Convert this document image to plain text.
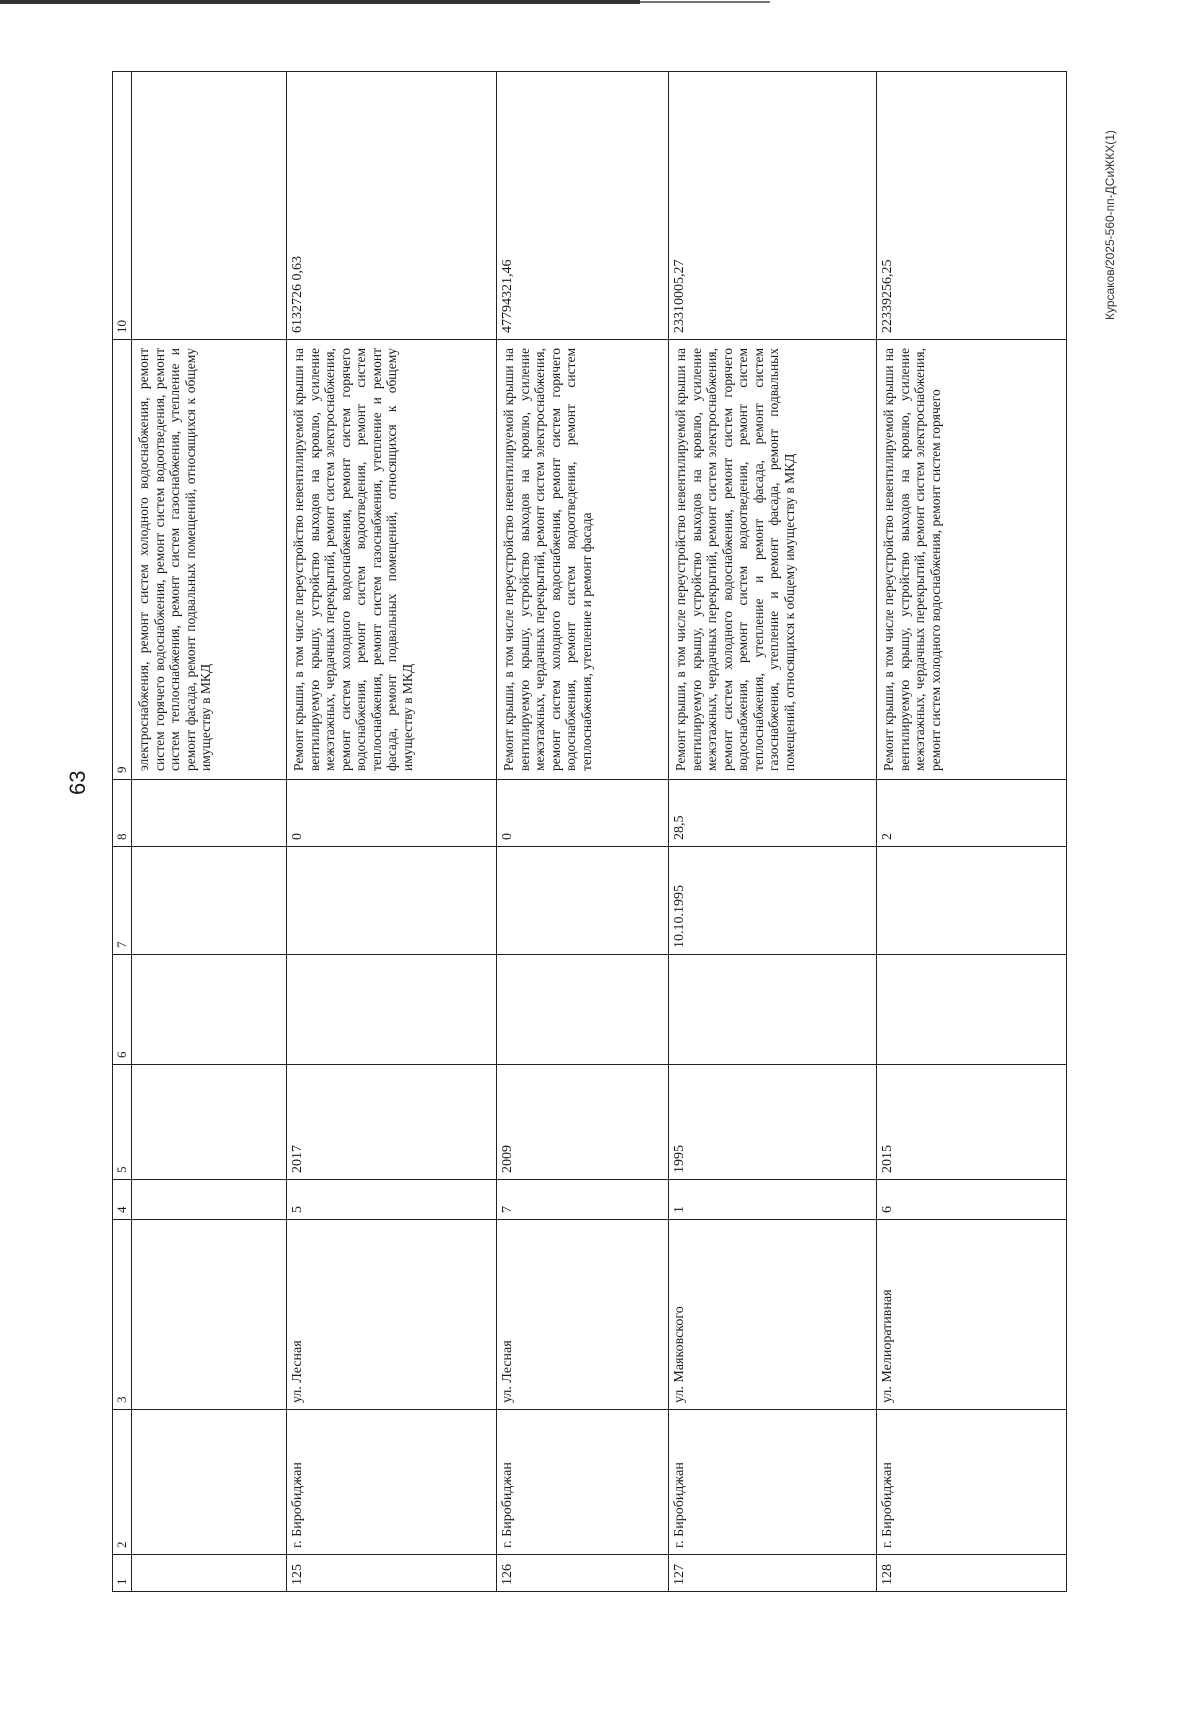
63
Курсаков/2025-560-пп-ДСиЖКХ(1)
1	2	3	4	5	6	7	8	9	10
								электроснабжения, ремонт систем холодного водоснабжения, ремонт систем горячего водоснабжения, ремонт систем водоотведения, ремонт систем теплоснабжения, ремонт систем газоснабжения, утепление и ремонт фасада, ремонт подвальных помещений, относящихся к общему имуществу в МКД	
125	г. Биробиджан	ул. Лесная	5	2017			0	Ремонт крыши, в том числе переустройство невентилируемой крыши на вентилируемую крышу, устройство выходов на кровлю, усиление межэтажных, чердачных перекрытий, ремонт систем электроснабжения, ремонт систем холодного водоснабжения, ремонт систем горячего водоснабжения, ремонт систем водоотведения, ремонт систем теплоснабжения, ремонт систем газоснабжения, утепление и ремонт фасада, ремонт подвальных помещений, относящихся к общему имуществу в МКД	6132726 0,63
126	г. Биробиджан	ул. Лесная	7	2009			0	Ремонт крыши, в том числе переустройство невентилируемой крыши на вентилируемую крышу, устройство выходов на кровлю, усиление межэтажных, чердачных перекрытий, ремонт систем электроснабжения, ремонт систем холодного водоснабжения, ремонт систем горячего водоснабжения, ремонт систем водоотведения, ремонт систем теплоснабжения, утепление и ремонт фасада	47794321,46
127	г. Биробиджан	ул. Маяковского	1	1995		10.10.1995	28,5	Ремонт крыши, в том числе переустройство невентилируемой крыши на вентилируемую крышу, устройство выходов на кровлю, усиление межэтажных, чердачных перекрытий, ремонт систем электроснабжения, ремонт систем холодного водоснабжения, ремонт систем горячего водоснабжения, ремонт систем водоотведения, ремонт систем теплоснабжения, утепление и ремонт фасада, ремонт систем газоснабжения, утепление и ремонт фасада, ремонт подвальных помещений, относящихся к общему имуществу в МКД	23310005,27
128	г. Биробиджан	ул. Мелиоративная	6	2015			2	Ремонт крыши, в том числе переустройство невентилируемой крыши на вентилируемую крышу, устройство выходов на кровлю, усиление межэтажных, чердачных перекрытий, ремонт систем электроснабжения, ремонт систем холодного водоснабжения, ремонт систем горячего	22339256,25
